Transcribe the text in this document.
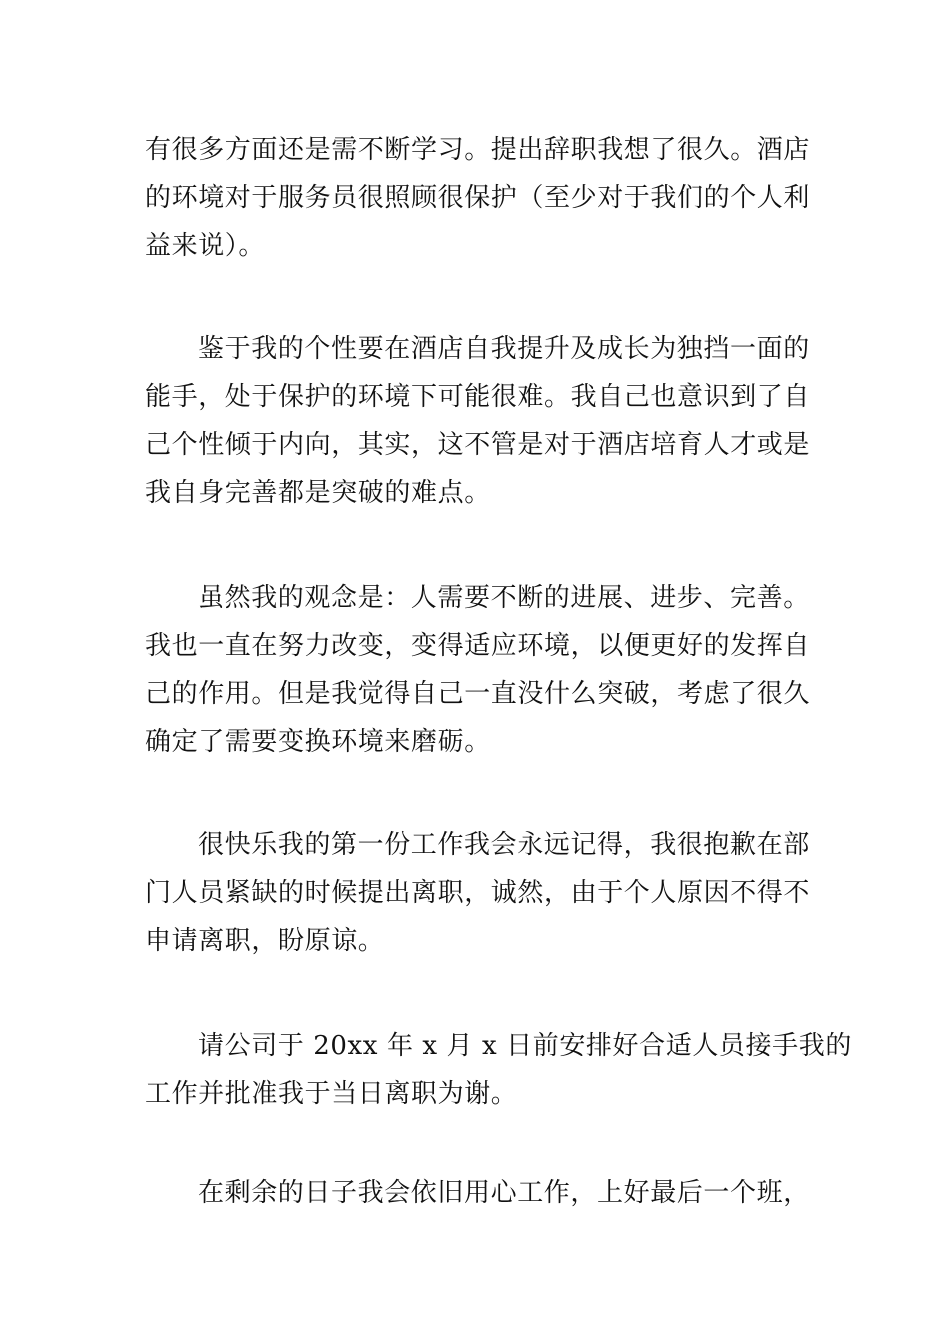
有很多方面还是需不断学习。提出辞职我想了很久。酒店
的环境对于服务员很照顾很保护（至少对于我们的个人利
益来说）。

鉴于我的个性要在酒店自我提升及成长为独挡一面的
能手，处于保护的环境下可能很难。我自己也意识到了自
己个性倾于内向，其实，这不管是对于酒店培育人才或是
我自身完善都是突破的难点。

虽然我的观念是：人需要不断的进展、进步、完善。
我也一直在努力改变，变得适应环境，以便更好的发挥自
己的作用。但是我觉得自己一直没什么突破，考虑了很久
确定了需要变换环境来磨砺。

很快乐我的第一份工作我会永远记得，我很抱歉在部
门人员紧缺的时候提出离职，诚然，由于个人原因不得不
申请离职，盼原谅。

请公司于 20xx 年 x 月 x 日前安排好合适人员接手我的
工作并批准我于当日离职为谢。

在剩余的日子我会依旧用心工作，上好最后一个班，
